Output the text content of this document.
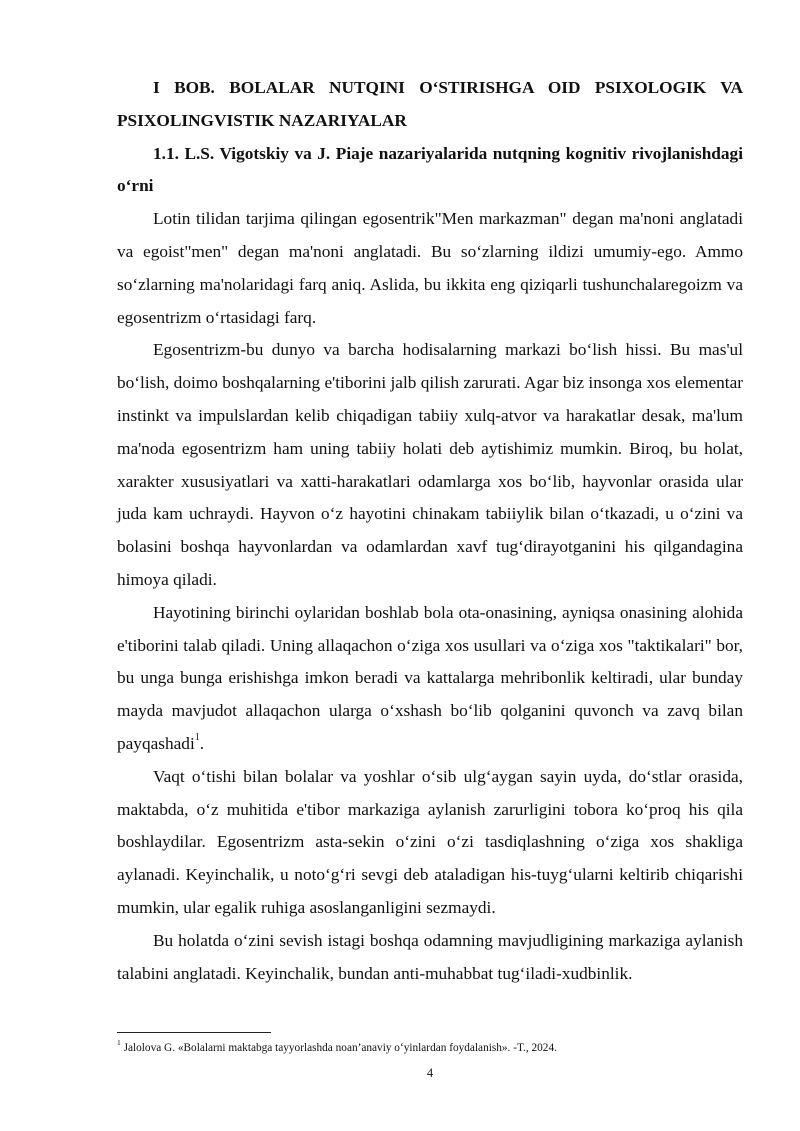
I BOB. BOLALAR NUTQINI O‘STIRISHGA OID PSIXOLOGIK VA PSIXOLINGVISTIK NAZARIYALAR

1.1. L.S. Vigotskiy va J. Piaje nazariyalarida nutqning kognitiv rivojlanishdagi o‘rni

Lotin tilidan tarjima qilingan egosentrik"Men markazman" degan ma'noni anglatadi va egoist"men" degan ma'noni anglatadi. Bu so‘zlarning ildizi umumiy-ego. Ammo so‘zlarning ma'nolaridagi farq aniq. Aslida, bu ikkita eng qiziqarli tushunchalaregoizm va egosentrizm o‘rtasidagi farq.

Egosentrizm-bu dunyo va barcha hodisalarning markazi bo‘lish hissi. Bu mas'ul bo‘lish, doimo boshqalarning e'tiborini jalb qilish zarurati. Agar biz insonga xos elementar instinkt va impulslardan kelib chiqadigan tabiiy xulq-atvor va harakatlar desak, ma'lum ma'noda egosentrizm ham uning tabiiy holati deb aytishimiz mumkin. Biroq, bu holat, xarakter xususiyatlari va xatti-harakatlari odamlarga xos bo‘lib, hayvonlar orasida ular juda kam uchraydi. Hayvon o‘z hayotini chinakam tabiiylik bilan o‘tkazadi, u o‘zini va bolasini boshqa hayvonlardan va odamlardan xavf tug‘dirayotganini his qilgandagina himoya qiladi.

Hayotining birinchi oylaridan boshlab bola ota-onasining, ayniqsa onasining alohida e'tiborini talab qiladi. Uning allaqachon o‘ziga xos usullari va o‘ziga xos "taktikalari" bor, bu unga bunga erishishga imkon beradi va kattalarga mehribonlik keltiradi, ular bunday mayda mavjudot allaqachon ularga o‘xshash bo‘lib qolganini quvonch va zavq bilan payqashadi$^1$.

Vaqt o‘tishi bilan bolalar va yoshlar o‘sib ulg‘aygan sayin uyda, do‘stlar orasida, maktabda, o‘z muhitida e'tibor markaziga aylanish zarurligini tobora ko‘proq his qila boshlaydilar. Egosentrizm asta-sekin o‘zini o‘zi tasdiqlashning o‘ziga xos shakliga aylanadi. Keyinchalik, u noto‘g‘ri sevgi deb ataladigan his-tuyg‘ularni keltirib chiqarishi mumkin, ular egalik ruhiga asoslanganligini sezmaydi.

Bu holatda o‘zini sevish istagi boshqa odamning mavjudligining markaziga aylanish talabini anglatadi. Keyinchalik, bundan anti-muhabbat tug‘iladi-xudbinlik.

$^1$ Jalolova G. «Bolalarni maktabga tayyorlashda noan’anaviy o‘yinlardan foydalanish». -T., 2024.

4
